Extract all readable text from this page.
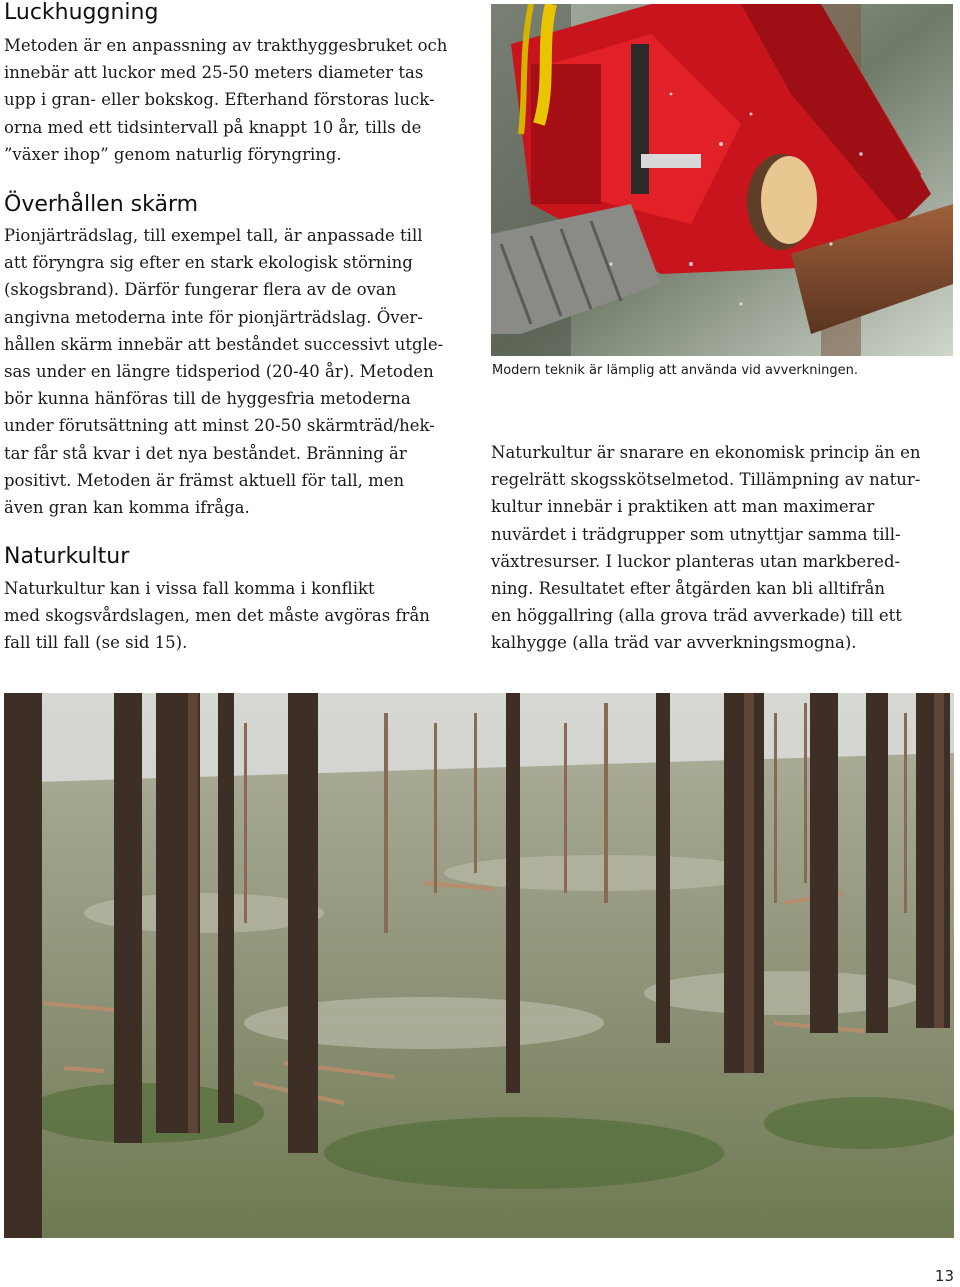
Luckhuggning

Metoden är en anpassning av trakthyggesbruket och
innebär att luckor med 25-50 meters diameter tas
upp i gran- eller bokskog. Efterhand förstoras luck-
orna med ett tidsintervall på knappt 10 år, tills de
”växer ihop” genom naturlig föryngring.

Överhållen skärm

Pionjärträdslag, till exempel tall, är anpassade till
att föryngra sig efter en stark ekologisk störning
(skogsbrand). Därför fungerar flera av de ovan
angivna metoderna inte för pionjärträdslag. Över-
hållen skärm innebär att beståndet successivt utgle-
sas under en längre tidsperiod (20-40 år). Metoden
bör kunna hänföras till de hyggesfria metoderna
under förutsättning att minst 20-50 skärmträd/hek-
tar får stå kvar i det nya beståndet. Bränning är
positivt. Metoden är främst aktuell för tall, men
även gran kan komma ifråga.

Naturkultur

Naturkultur kan i vissa fall komma i konflikt
med skogsvårdslagen, men det måste avgöras från
fall till fall (se sid 15).

Modern teknik är lämplig att använda vid avverkningen.

Naturkultur är snarare en ekonomisk princip än en
regelrätt skogsskötselmetod. Tillämpning av natur-
kultur innebär i praktiken att man maximerar
nuvärdet i trädgrupper som utnyttjar samma till-
växtresurser. I luckor planteras utan markbered-
ning. Resultatet efter åtgärden kan bli alltifrån
en höggallring (alla grova träd avverkade) till ett
kalhygge (alla träd var avverkningsmogna).

13
